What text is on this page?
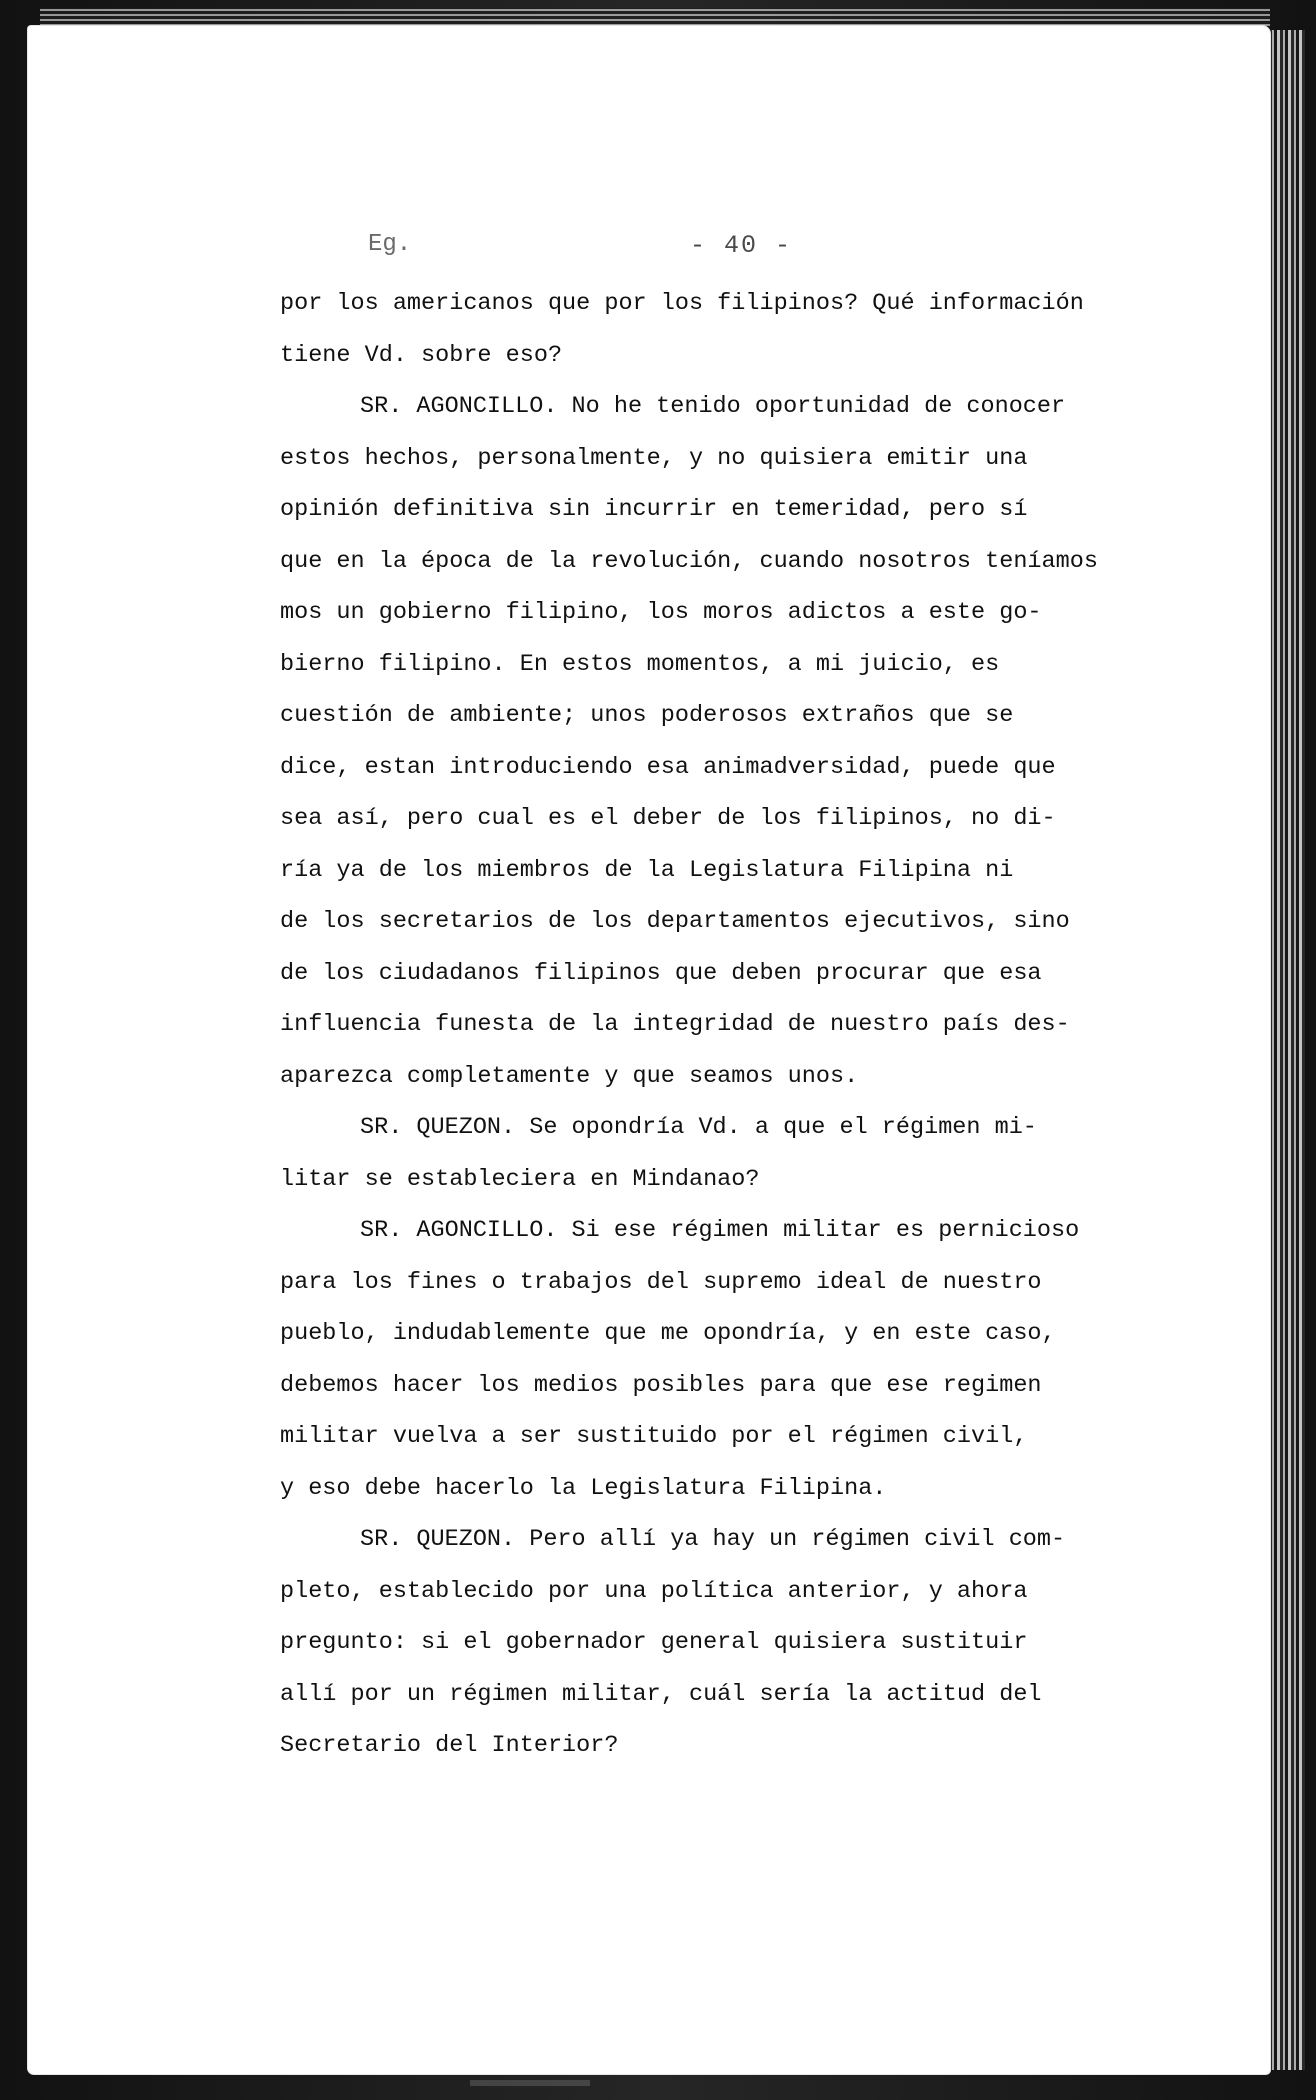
Eg.	- 40 -
por los americanos que por los filipinos? Qué información
tiene Vd. sobre eso?
SR. AGONCILLO. No he tenido oportunidad de conocer
estos hechos, personalmente, y no quisiera emitir una
opinión definitiva sin incurrir en temeridad, pero sí
que en la época de la revolución, cuando nosotros teníamos
mos un gobierno filipino, los moros adictos a este go-
bierno filipino. En estos momentos, a mi juicio, es
cuestión de ambiente; unos poderosos extraños que se
dice, estan introduciendo esa animadversidad, puede que
sea así, pero cual es el deber de los filipinos, no di-
ría ya de los miembros de la Legislatura Filipina ni
de los secretarios de los departamentos ejecutivos, sino
de los ciudadanos filipinos que deben procurar que esa
influencia funesta de la integridad de nuestro país des-
aparezca completamente y que seamos unos.
SR. QUEZON. Se opondría Vd. a que el régimen mi-
litar se estableciera en Mindanao?
SR. AGONCILLO. Si ese régimen militar es pernicioso
para los fines o trabajos del supremo ideal de nuestro
pueblo, indudablemente que me opondría, y en este caso,
debemos hacer los medios posibles para que ese regimen
militar vuelva a ser sustituido por el régimen civil,
y eso debe hacerlo la Legislatura Filipina.
SR. QUEZON. Pero allí ya hay un régimen civil com-
pleto, establecido por una política anterior, y ahora
pregunto: si el gobernador general quisiera sustituir
allí por un régimen militar, cuál sería la actitud del
Secretario del Interior?
